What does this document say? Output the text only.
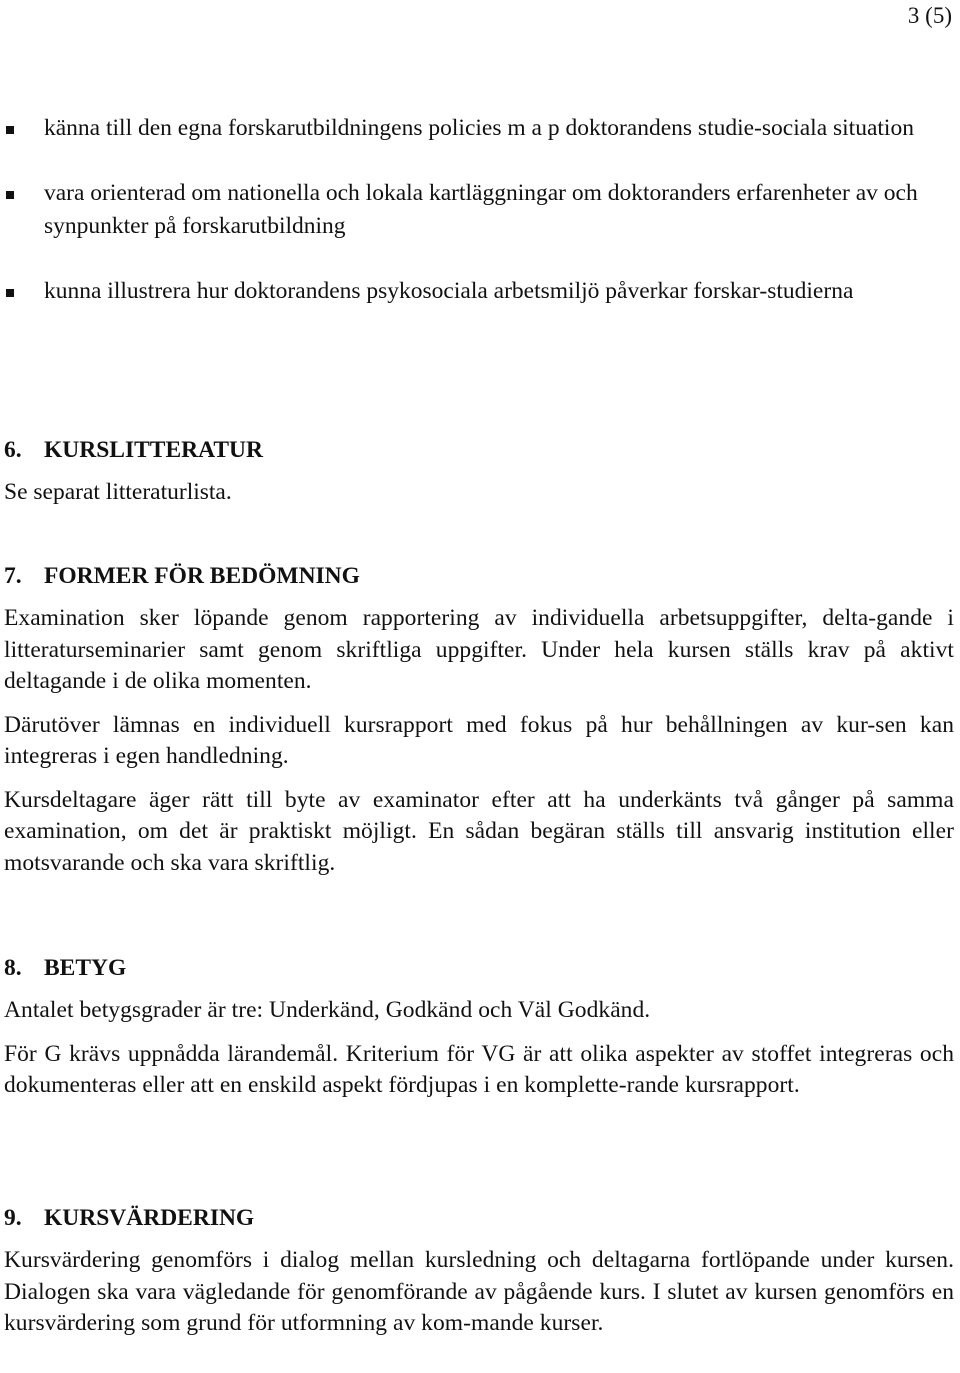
3 (5)
känna till den egna forskarutbildningens policies m a p doktorandens studie-sociala situation
vara orienterad om nationella och lokala kartläggningar om doktoranders erfarenheter av och synpunkter på forskarutbildning
kunna illustrera hur doktorandens psykosociala arbetsmiljö påverkar forskar-studierna
6. KURSLITTERATUR

Se separat litteraturlista.

7. FORMER FÖR BEDÖMNING

Examination sker löpande genom rapportering av individuella arbetsuppgifter, delta-gande i litteraturseminarier samt genom skriftliga uppgifter. Under hela kursen ställs krav på aktivt deltagande i de olika momenten.

Därutöver lämnas en individuell kursrapport med fokus på hur behållningen av kur-sen kan integreras i egen handledning.

Kursdeltagare äger rätt till byte av examinator efter att ha underkänts två gånger på samma examination, om det är praktiskt möjligt. En sådan begäran ställs till ansvarig institution eller motsvarande och ska vara skriftlig.

8. BETYG

Antalet betygsgrader är tre: Underkänd, Godkänd och Väl Godkänd.

För G krävs uppnådda lärandemål. Kriterium för VG är att olika aspekter av stoffet integreras och dokumenteras eller att en enskild aspekt fördjupas i en komplette-rande kursrapport.

9. KURSVÄRDERING

Kursvärdering genomförs i dialog mellan kursledning och deltagarna fortlöpande under kursen. Dialogen ska vara vägledande för genomförande av pågående kurs. I slutet av kursen genomförs en kursvärdering som grund för utformning av kom-mande kurser.
